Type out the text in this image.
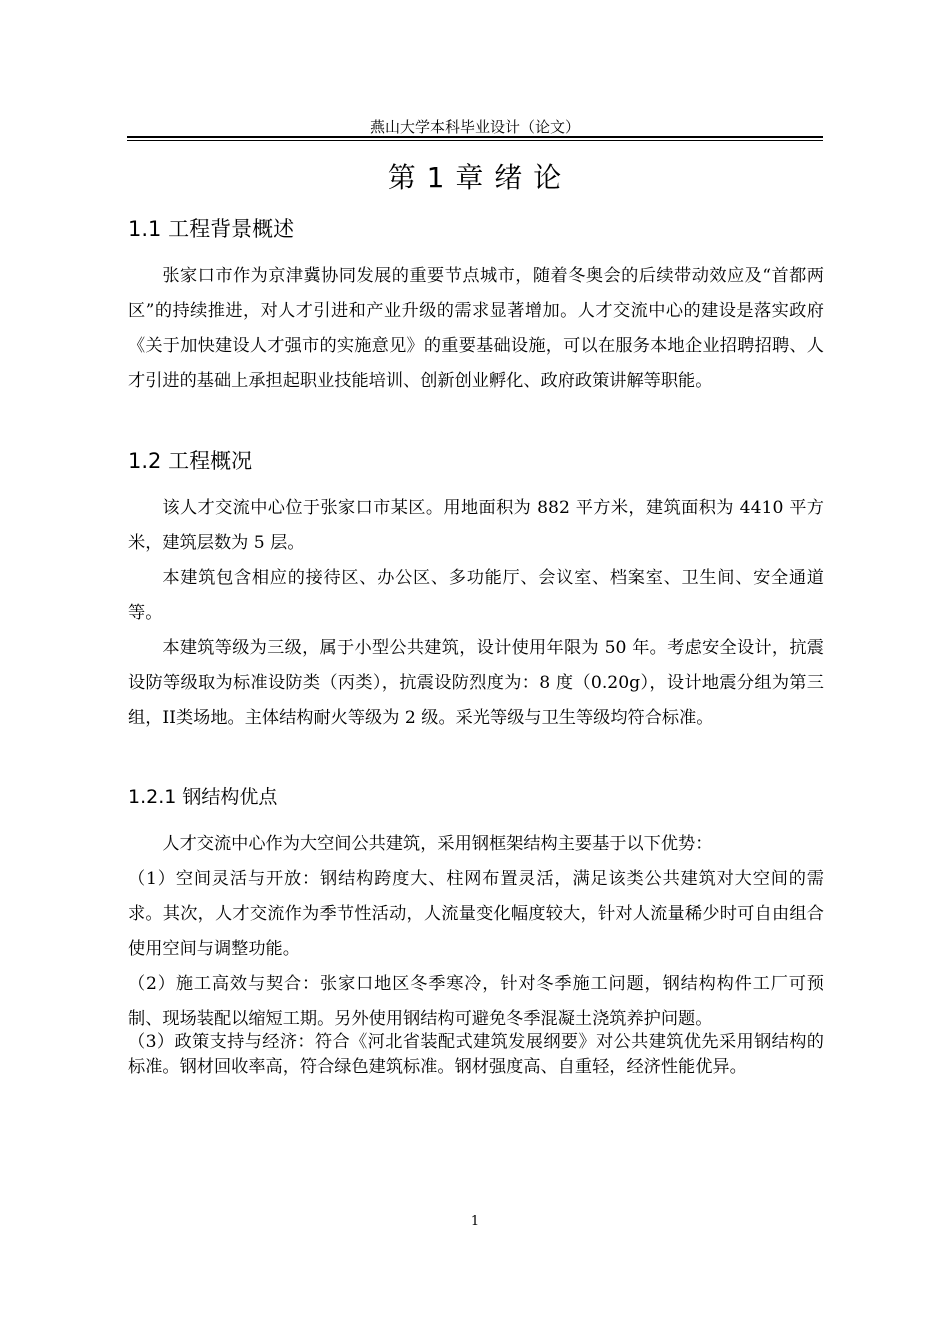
燕山大学本科毕业设计（论文）
第 1 章 绪 论
1.1 工程背景概述

张家口市作为京津冀协同发展的重要节点城市，随着冬奥会的后续带动效应及“首都两区”的持续推进，对人才引进和产业升级的需求显著增加。人才交流中心的建设是落实政府《关于加快建设人才强市的实施意见》的重要基础设施，可以在服务本地企业招聘招聘、人才引进的基础上承担起职业技能培训、创新创业孵化、政府政策讲解等职能。

1.2 工程概况

该人才交流中心位于张家口市某区。用地面积为 882 平方米，建筑面积为 4410 平方米，建筑层数为 5 层。

本建筑包含相应的接待区、办公区、多功能厅、会议室、档案室、卫生间、安全通道等。

本建筑等级为三级，属于小型公共建筑，设计使用年限为 50 年。考虑安全设计，抗震设防等级取为标准设防类（丙类），抗震设防烈度为：8 度（0.20g），设计地震分组为第三组，II类场地。主体结构耐火等级为 2 级。采光等级与卫生等级均符合标准。

1.2.1 钢结构优点

人才交流中心作为大空间公共建筑，采用钢框架结构主要基于以下优势：

（1）空间灵活与开放：钢结构跨度大、柱网布置灵活，满足该类公共建筑对大空间的需求。其次，人才交流作为季节性活动，人流量变化幅度较大，针对人流量稀少时可自由组合使用空间与调整功能。

（2）施工高效与契合：张家口地区冬季寒冷，针对冬季施工问题，钢结构构件工厂可预制、现场装配以缩短工期。另外使用钢结构可避免冬季混凝土浇筑养护问题。

（3）政策支持与经济：符合《河北省装配式建筑发展纲要》对公共建筑优先采用钢结构的标准。钢材回收率高，符合绿色建筑标准。钢材强度高、自重轻，经济性能优异。

1
